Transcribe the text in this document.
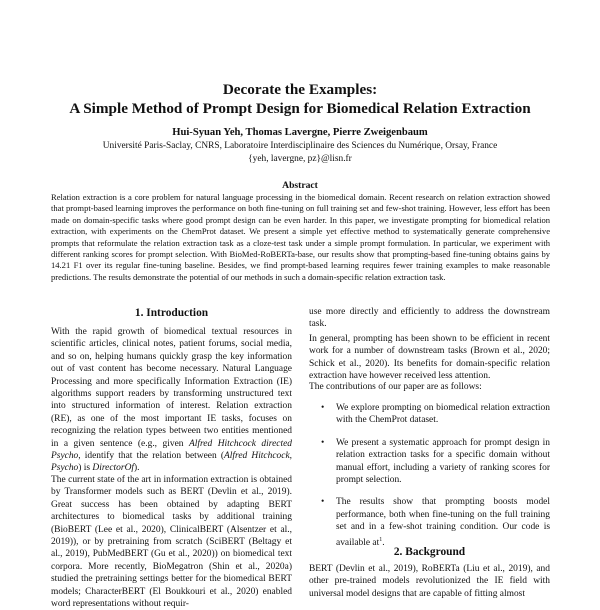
Decorate the Examples:
A Simple Method of Prompt Design for Biomedical Relation Extraction
Hui-Syuan Yeh, Thomas Lavergne, Pierre Zweigenbaum
Université Paris-Saclay, CNRS, Laboratoire Interdisciplinaire des Sciences du Numérique, Orsay, France
{yeh, lavergne, pz}@lisn.fr
Abstract

Relation extraction is a core problem for natural language processing in the biomedical domain. Recent research on relation extraction showed that prompt-based learning improves the performance on both fine-tuning on full training set and few-shot training. However, less effort has been made on domain-specific tasks where good prompt design can be even harder. In this paper, we investigate prompting for biomedical relation extraction, with experiments on the ChemProt dataset. We present a simple yet effective method to systematically generate comprehensive prompts that reformulate the relation extraction task as a cloze-test task under a simple prompt formulation. In particular, we experiment with different ranking scores for prompt selection. With BioMed-RoBERTa-base, our results show that prompting-based fine-tuning obtains gains by 14.21 F1 over its regular fine-tuning baseline. Besides, we find prompt-based learning requires fewer training examples to make reasonable predictions. The results demonstrate the potential of our methods in such a domain-specific relation extraction task.

1. Introduction

With the rapid growth of biomedical textual resources in scientific articles, clinical notes, patient forums, social media, and so on, helping humans quickly grasp the key information out of vast content has become necessary. Natural Language Processing and more specifically Information Extraction (IE) algorithms support readers by transforming unstructured text into structured information of interest. Relation extraction (RE), as one of the most important IE tasks, focuses on recognizing the relation types between two entities mentioned in a given sentence (e.g., given Alfred Hitchcock directed Psycho, identify that the relation between (Alfred Hitchcock, Psycho) is DirectorOf).

The current state of the art in information extraction is obtained by Transformer models such as BERT (Devlin et al., 2019). Great success has been obtained by adapting BERT architectures to biomedical tasks by additional training (BioBERT (Lee et al., 2020), ClinicalBERT (Alsentzer et al., 2019)), or by pretraining from scratch (SciBERT (Beltagy et al., 2019), PubMedBERT (Gu et al., 2020)) on biomedical text corpora. More recently, BioMegatron (Shin et al., 2020a) studied the pretraining settings better for the biomedical BERT models; CharacterBERT (El Boukkouri et al., 2020) enabled word representations without requir-

use more directly and efficiently to address the downstream task.

In general, prompting has been shown to be efficient in recent work for a number of downstream tasks (Brown et al., 2020; Schick et al., 2020). Its benefits for domain-specific relation extraction have however received less attention.

The contributions of our paper are as follows:

• We explore prompting on biomedical relation extraction with the ChemProt dataset.
• We present a systematic approach for prompt design in relation extraction tasks for a specific domain without manual effort, including a variety of ranking scores for prompt selection.
• The results show that prompting boosts model performance, both when fine-tuning on the full training set and in a few-shot training condition. Our code is available $at^1$.
2. Background

BERT (Devlin et al., 2019), RoBERTa (Liu et al., 2019), and other pre-trained models revolutionized the IE field with universal model designs that are capable of fitting almost
